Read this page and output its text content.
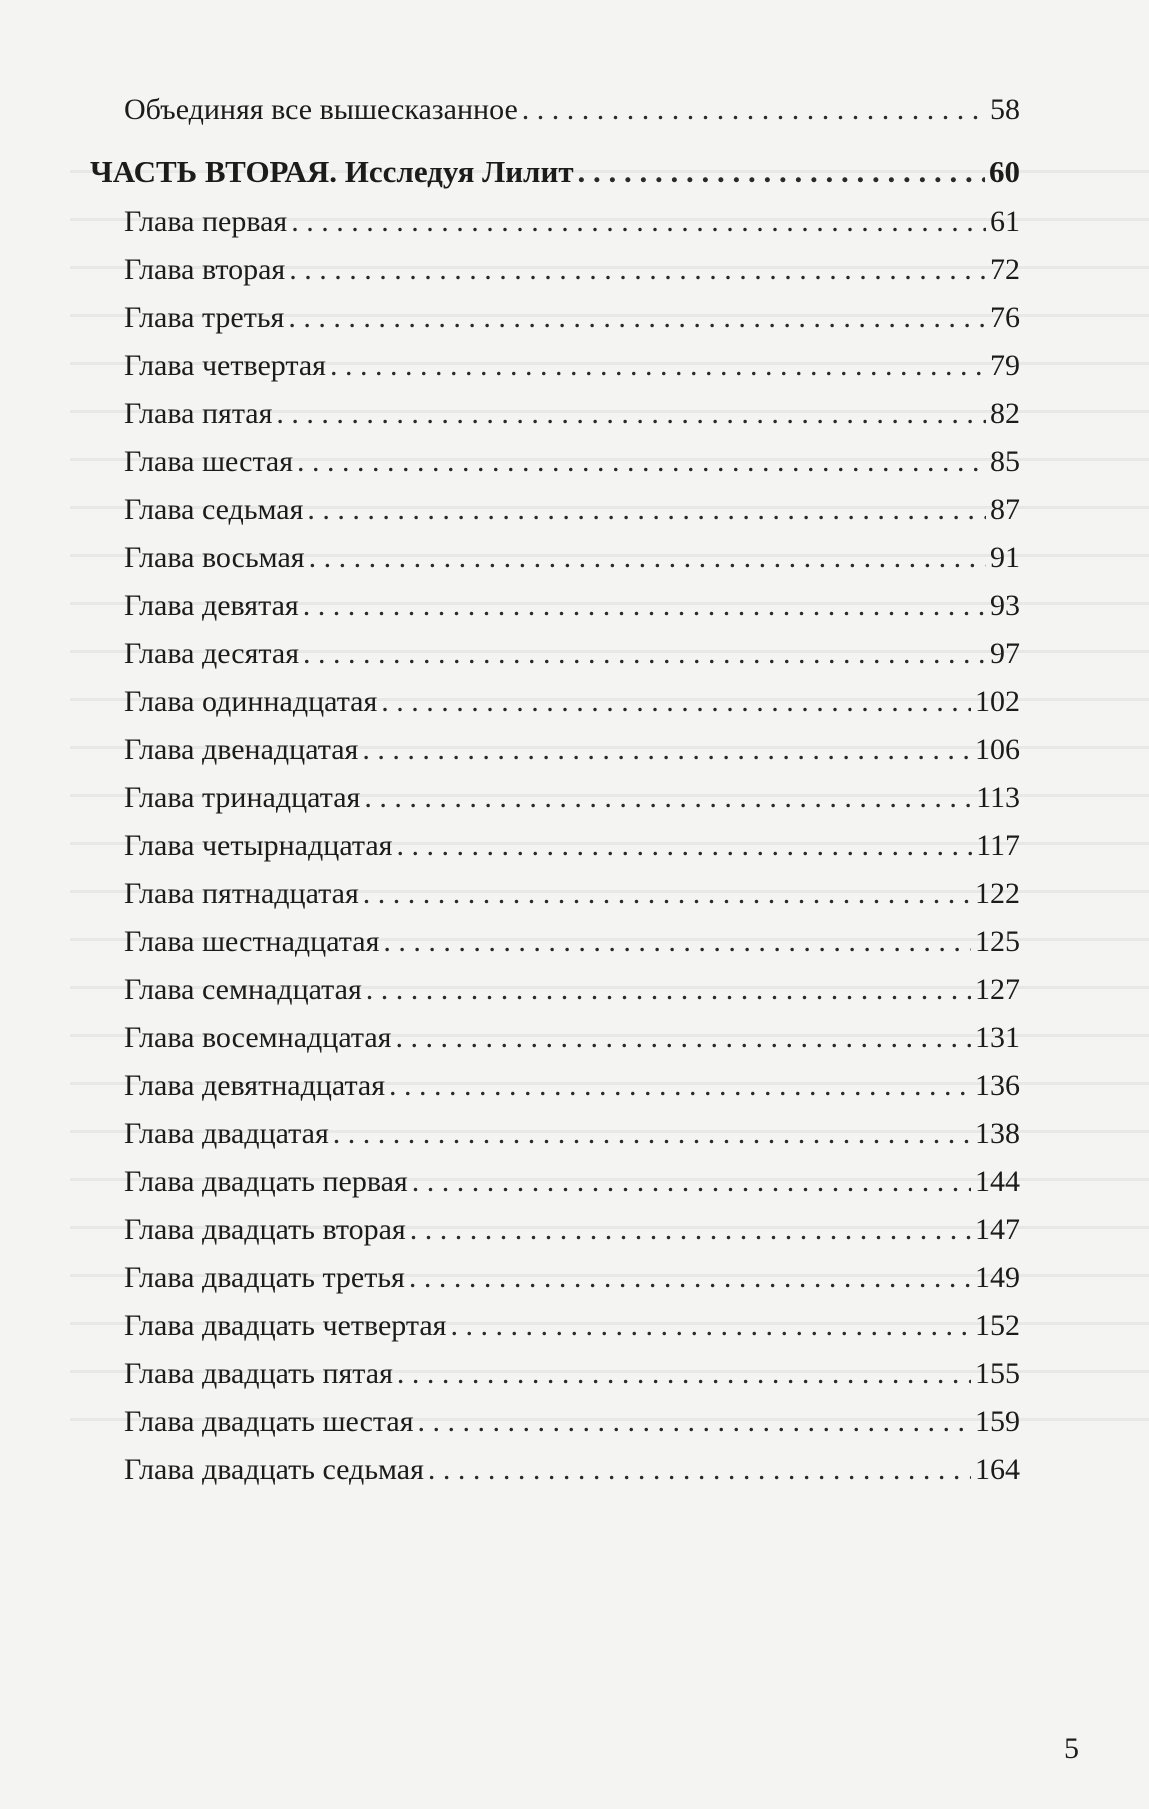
Объединяя все вышесказанное . . .	58
ЧАСТЬ ВТОРАЯ. Исследуя Лилит . . .	60
Глава первая . . .	61
Глава вторая . . .	72
Глава третья . . .	76
Глава четвертая . . .	79
Глава пятая . . .	82
Глава шестая . . .	85
Глава седьмая . . .	87
Глава восьмая . . .	91
Глава девятая . . .	93
Глава десятая . . .	97
Глава одиннадцатая . . .	102
Глава двенадцатая . . .	106
Глава тринадцатая . . .	113
Глава четырнадцатая . . .	117
Глава пятнадцатая . . .	122
Глава шестнадцатая . . .	125
Глава семнадцатая . . .	127
Глава восемнадцатая . . .	131
Глава девятнадцатая . . .	136
Глава двадцатая . . .	138
Глава двадцать первая . . .	144
Глава двадцать вторая . . .	147
Глава двадцать третья . . .	149
Глава двадцать четвертая . . .	152
Глава двадцать пятая . . .	155
Глава двадцать шестая . . .	159
Глава двадцать седьмая . . .	164
5
